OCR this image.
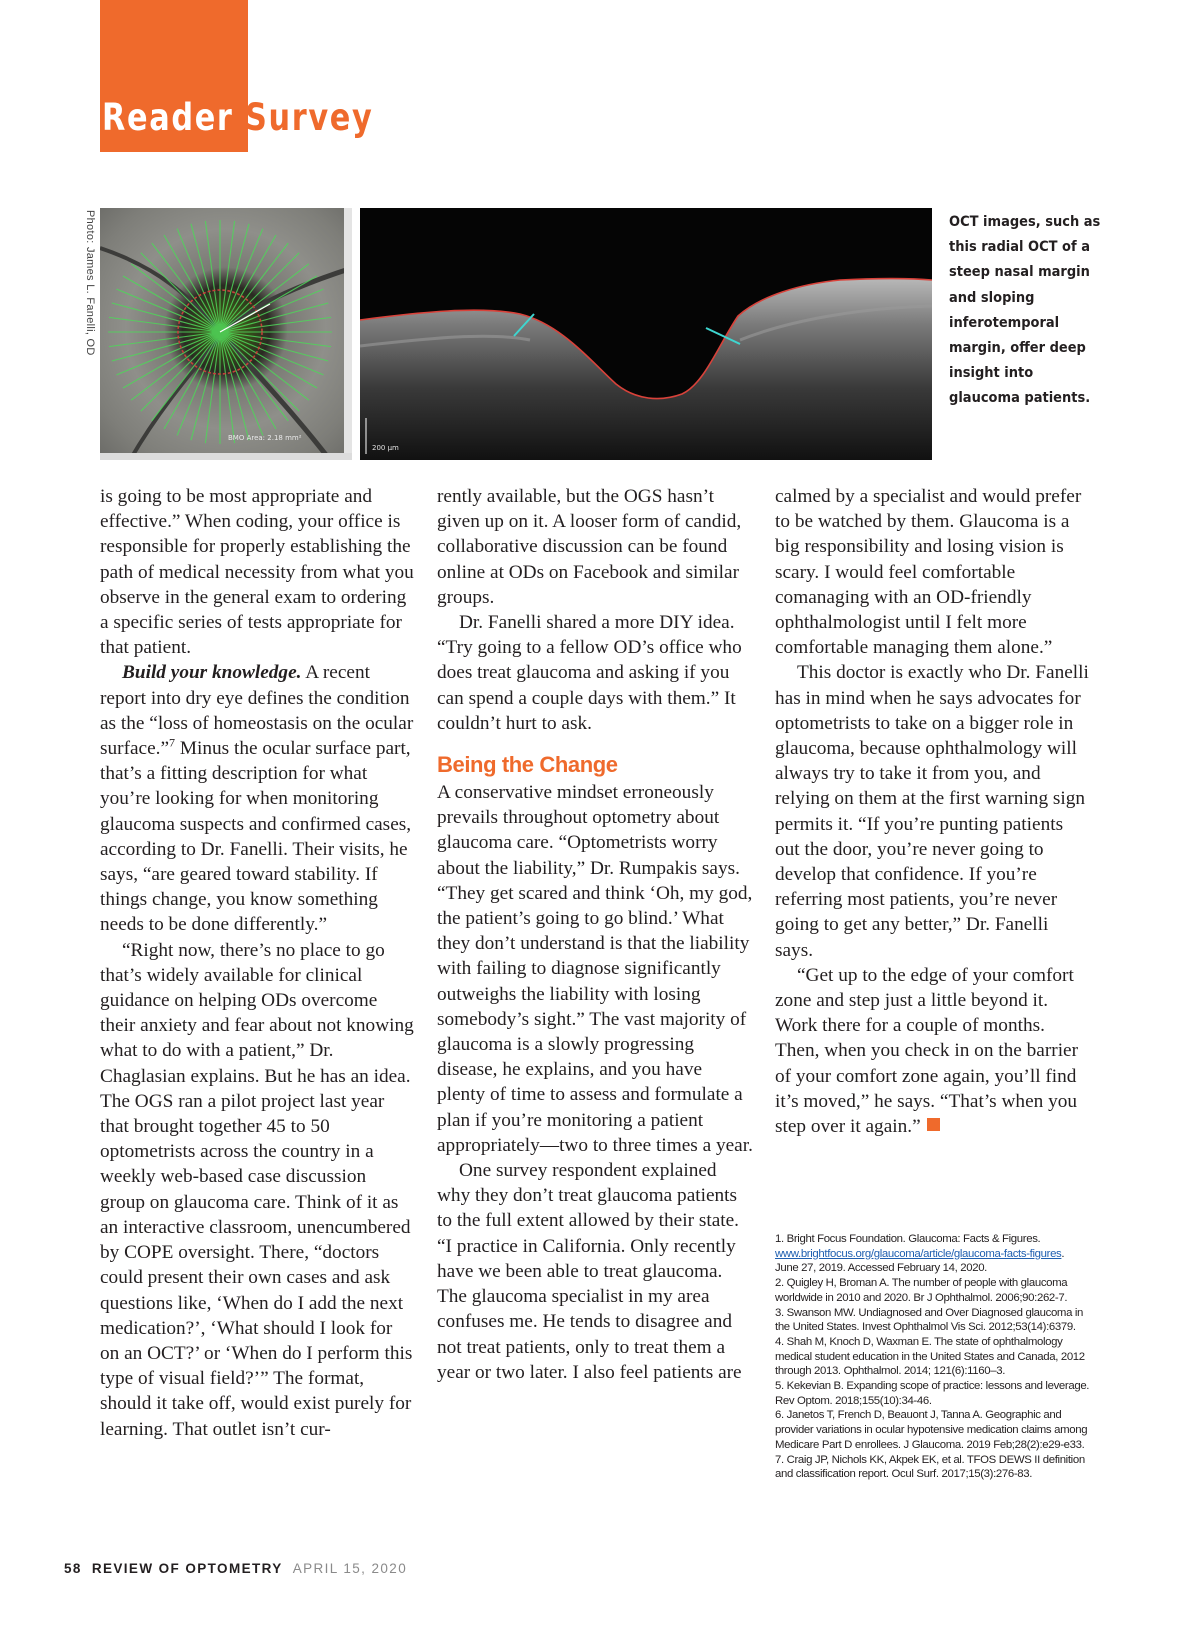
Reader Survey
Photo: James L. Fanelli, OD
BMO Area: 2.18 mm²
200 µm

OCT images, such as this radial OCT of a steep nasal margin and sloping inferotemporal margin, offer deep insight into glaucoma patients.

is going to be most appropriate and effective.” When coding, your office is responsible for properly establishing the path of medical necessity from what you observe in the general exam to ordering a specific series of tests appropriate for that patient.

Build your knowledge. A recent report into dry eye defines the condition as the “loss of homeostasis on the ocular surface.”$^7$ Minus the ocular surface part, that’s a fitting description for what you’re looking for when monitoring glaucoma suspects and confirmed cases, according to Dr. Fanelli. Their visits, he says, “are geared toward stability. If things change, you know something needs to be done differently.”

“Right now, there’s no place to go that’s widely available for clinical guidance on helping ODs overcome their anxiety and fear about not knowing what to do with a patient,” Dr. Chaglasian explains. But he has an idea. The OGS ran a pilot project last year that brought together 45 to 50 optometrists across the country in a weekly web-based case discussion group on glaucoma care. Think of it as an interactive classroom, unencumbered by COPE oversight. There, “doctors could present their own cases and ask questions like, ‘When do I add the next medication?’, ‘What should I look for on an OCT?’ or ‘When do I perform this type of visual field?’” The format, should it take off, would exist purely for learning. That outlet isn’t cur-

rently available, but the OGS hasn’t given up on it. A looser form of candid, collaborative discussion can be found online at ODs on Facebook and similar groups.

Dr. Fanelli shared a more DIY idea. “Try going to a fellow OD’s office who does treat glaucoma and asking if you can spend a couple days with them.” It couldn’t hurt to ask.

Being the Change

A conservative mindset erroneously prevails throughout optometry about glaucoma care. “Optometrists worry about the liability,” Dr. Rumpakis says. “They get scared and think ‘Oh, my god, the patient’s going to go blind.’ What they don’t understand is that the liability with failing to diagnose significantly outweighs the liability with losing somebody’s sight.” The vast majority of glaucoma is a slowly progressing disease, he explains, and you have plenty of time to assess and formulate a plan if you’re monitoring a patient appropriately—two to three times a year.

One survey respondent explained why they don’t treat glaucoma patients to the full extent allowed by their state. “I practice in California. Only recently have we been able to treat glaucoma. The glaucoma specialist in my area confuses me. He tends to disagree and not treat patients, only to treat them a year or two later. I also feel patients are

calmed by a specialist and would prefer to be watched by them. Glaucoma is a big responsibility and losing vision is scary. I would feel comfortable comanaging with an OD-friendly ophthalmologist until I felt more comfortable managing them alone.”

This doctor is exactly who Dr. Fanelli has in mind when he says advocates for optometrists to take on a bigger role in glaucoma, because ophthalmology will always try to take it from you, and relying on them at the first warning sign permits it. “If you’re punting patients out the door, you’re never going to develop that confidence. If you’re referring most patients, you’re never going to get any better,” Dr. Fanelli says.

“Get up to the edge of your comfort zone and step just a little beyond it. Work there for a couple of months. Then, when you check in on the barrier of your comfort zone again, you’ll find it’s moved,” he says. “That’s when you step over it again.”

1. Bright Focus Foundation. Glaucoma: Facts & Figures. www.brightfocus.org/glaucoma/article/glaucoma-facts-figures. June 27, 2019. Accessed February 14, 2020.
2. Quigley H, Broman A. The number of people with glaucoma worldwide in 2010 and 2020. Br J Ophthalmol. 2006;90:262-7.
3. Swanson MW. Undiagnosed and Over Diagnosed glaucoma in the United States. Invest Ophthalmol Vis Sci. 2012;53(14):6379.
4. Shah M, Knoch D, Waxman E. The state of ophthalmology medical student education in the United States and Canada, 2012 through 2013. Ophthalmol. 2014; 121(6):1160–3.
5. Kekevian B. Expanding scope of practice: lessons and leverage. Rev Optom. 2018;155(10):34-46.
6. Janetos T, French D, Beauont J, Tanna A. Geographic and provider variations in ocular hypotensive medication claims among Medicare Part D enrollees. J Glaucoma. 2019 Feb;28(2):e29-e33.
7. Craig JP, Nichols KK, Akpek EK, et al. TFOS DEWS II definition and classification report. Ocul Surf. 2017;15(3):276-83.
58 REVIEW OF OPTOMETRY APRIL 15, 2020
